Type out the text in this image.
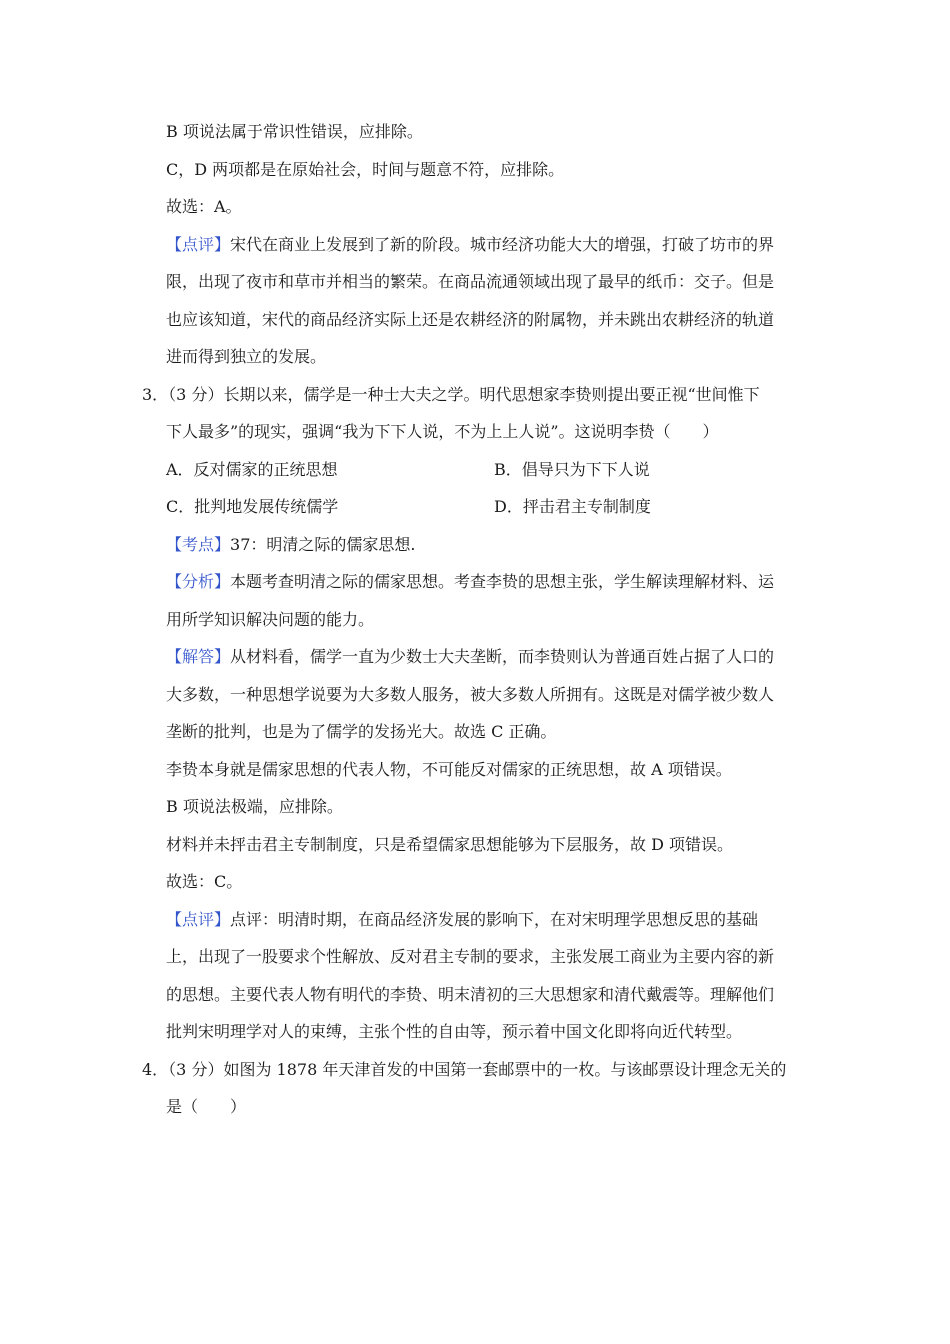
B 项说法属于常识性错误，应排除。
C，D 两项都是在原始社会，时间与题意不符，应排除。
故选：A。
【点评】宋代在商业上发展到了新的阶段。城市经济功能大大的增强，打破了坊市的界
限，出现了夜市和草市并相当的繁荣。在商品流通领域出现了最早的纸币：交子。但是
也应该知道，宋代的商品经济实际上还是农耕经济的附属物，并未跳出农耕经济的轨道
进而得到独立的发展。
3．（3 分）长期以来，儒学是一种士大夫之学。明代思想家李贽则提出要正视“世间惟下
下人最多”的现实，强调“我为下下人说，不为上上人说”。这说明李贽（　　）
A．反对儒家的正统思想	B．倡导只为下下人说
C．批判地发展传统儒学	D．抨击君主专制制度
【考点】37：明清之际的儒家思想.
【分析】本题考查明清之际的儒家思想。考查李贽的思想主张，学生解读理解材料、运
用所学知识解决问题的能力。
【解答】从材料看，儒学一直为少数士大夫垄断，而李贽则认为普通百姓占据了人口的
大多数，一种思想学说要为大多数人服务，被大多数人所拥有。这既是对儒学被少数人
垄断的批判，也是为了儒学的发扬光大。故选 C 正确。
李贽本身就是儒家思想的代表人物，不可能反对儒家的正统思想，故 A 项错误。
B 项说法极端，应排除。
材料并未抨击君主专制制度，只是希望儒家思想能够为下层服务，故 D 项错误。
故选：C。
【点评】点评：明清时期，在商品经济发展的影响下，在对宋明理学思想反思的基础
上，出现了一股要求个性解放、反对君主专制的要求，主张发展工商业为主要内容的新
的思想。主要代表人物有明代的李贽、明末清初的三大思想家和清代戴震等。理解他们
批判宋明理学对人的束缚，主张个性的自由等，预示着中国文化即将向近代转型。
4．（3 分）如图为 1878 年天津首发的中国第一套邮票中的一枚。与该邮票设计理念无关的
是（　　）
